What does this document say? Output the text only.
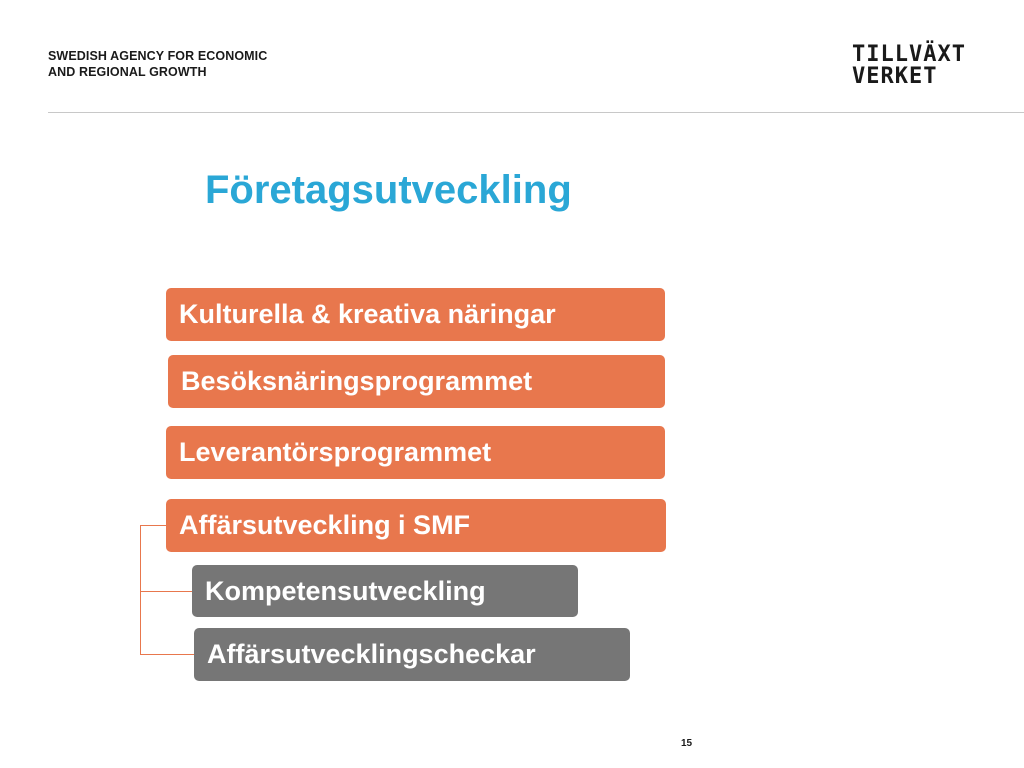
SWEDISH AGENCY FOR ECONOMIC
AND REGIONAL GROWTH
TILLVÄXT
VERKET
Företagsutveckling
Kulturella & kreativa näringar
Besöksnäringsprogrammet
Leverantörsprogrammet
Affärsutveckling i SMF
Kompetensutveckling
Affärsutvecklingscheckar
15
